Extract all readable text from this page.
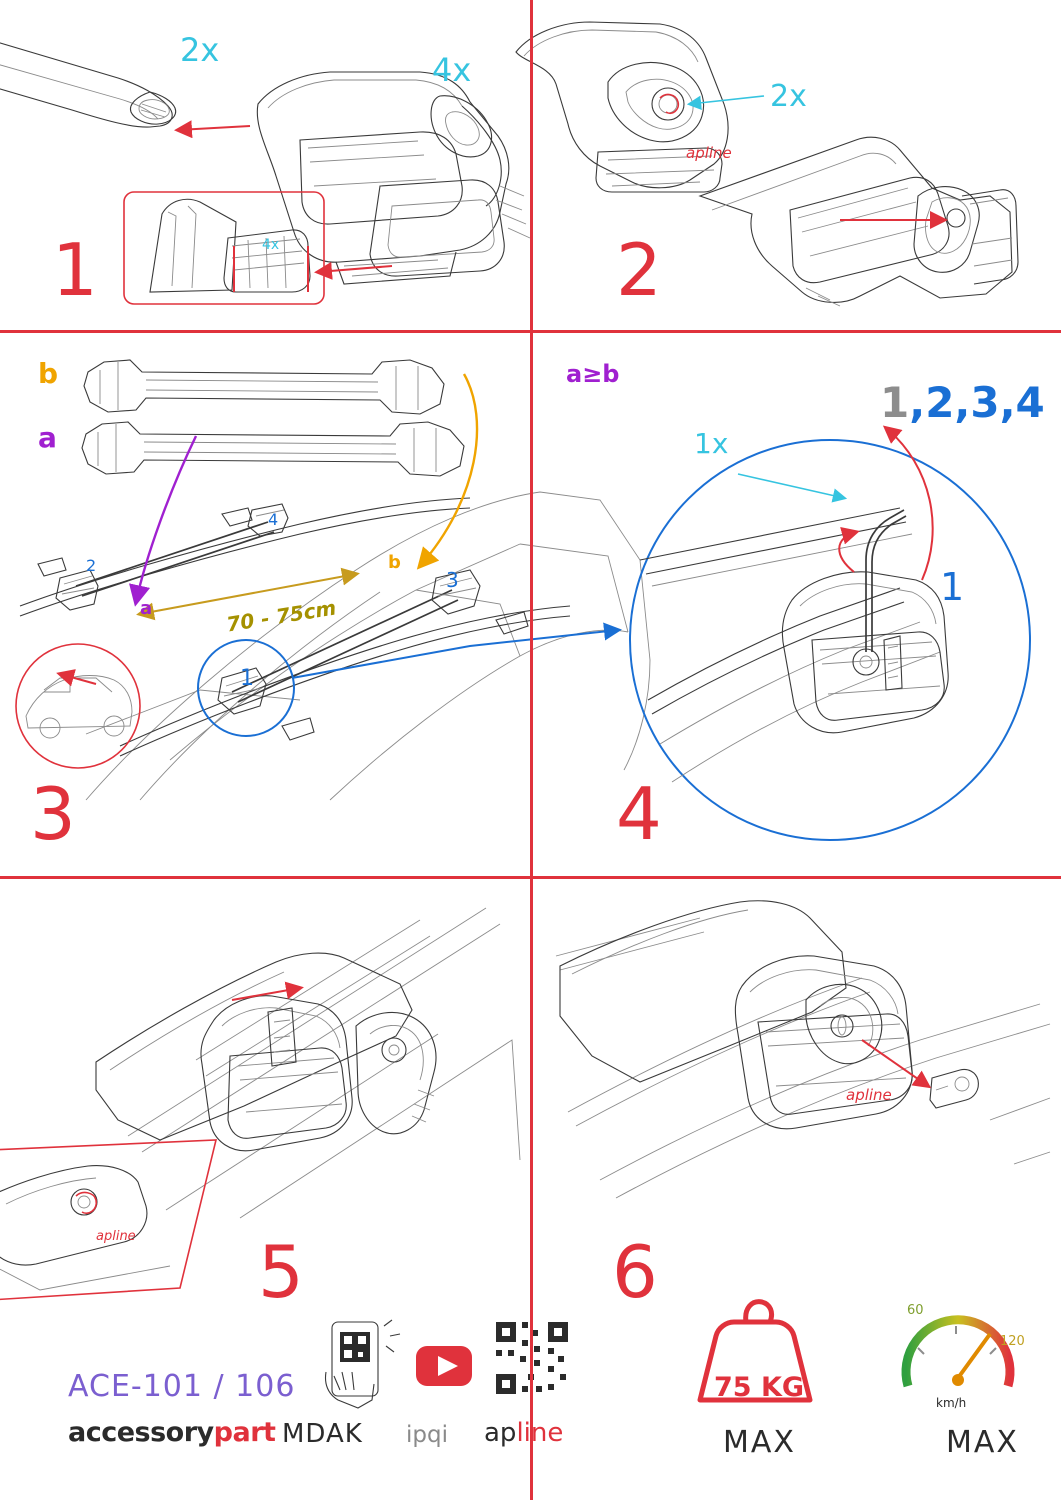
apline
apline
apline
1	2
3	4
5	6
2x
4x
4x
2x
b
a
a
b
1
2
3
4
70 - 75cm
a≥b
1x
1,2,3,4
1
ACE-101 / 106
accessorypart MDAK ipqi apline
75 KG
MAX	MAX
km/h
60
120
